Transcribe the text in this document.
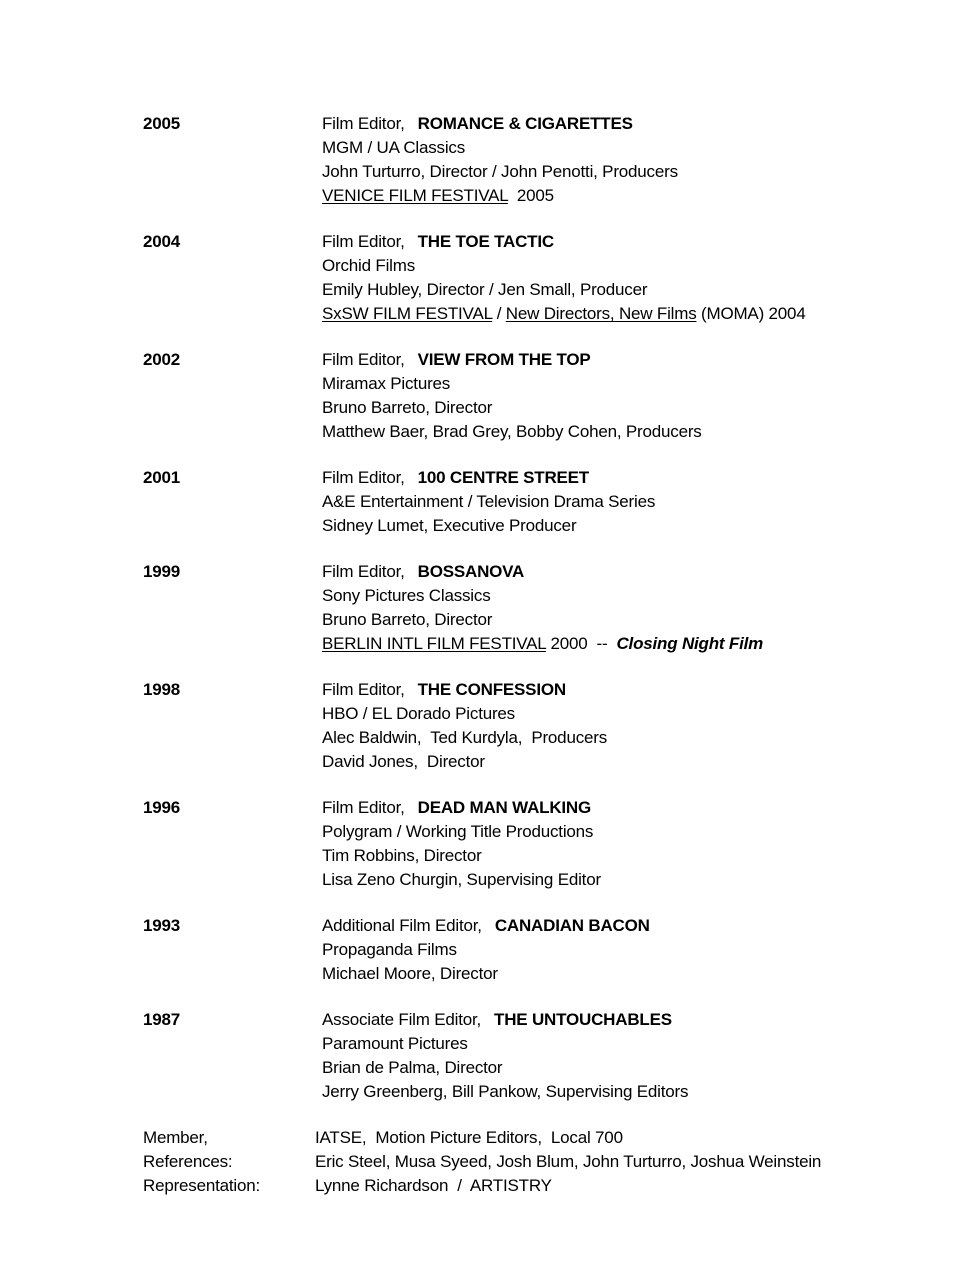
2005	Film Editor, ROMANCE & CIGARETTES
MGM / UA Classics
John Turturro, Director / John Penotti, Producers
VENICE FILM FESTIVAL  2005
2004	Film Editor, THE TOE TACTIC
Orchid Films
Emily Hubley, Director / Jen Small, Producer
SxSW FILM FESTIVAL / New Directors, New Films (MOMA) 2004
2002	Film Editor, VIEW FROM THE TOP
Miramax Pictures
Bruno Barreto, Director
Matthew Baer, Brad Grey, Bobby Cohen, Producers
2001	Film Editor, 100 CENTRE STREET
A&E Entertainment / Television Drama Series
Sidney Lumet, Executive Producer
1999	Film Editor, BOSSANOVA
Sony Pictures Classics
Bruno Barreto, Director
BERLIN INTL FILM FESTIVAL 2000  --  Closing Night Film
1998	Film Editor, THE CONFESSION
HBO / EL Dorado Pictures
Alec Baldwin,  Ted Kurdyla,  Producers
David Jones,  Director
1996	Film Editor, DEAD MAN WALKING
Polygram / Working Title Productions
Tim Robbins, Director
Lisa Zeno Churgin, Supervising Editor
1993	Additional Film Editor, CANADIAN BACON
Propaganda Films
Michael Moore, Director
1987	Associate Film Editor, THE UNTOUCHABLES
Paramount Pictures
Brian de Palma, Director
Jerry Greenberg, Bill Pankow, Supervising Editors
Member,	IATSE,  Motion Picture Editors,  Local 700
References:	Eric Steel, Musa Syeed, Josh Blum, John Turturro, Joshua Weinstein
Representation:	Lynne Richardson  /  ARTISTRY
